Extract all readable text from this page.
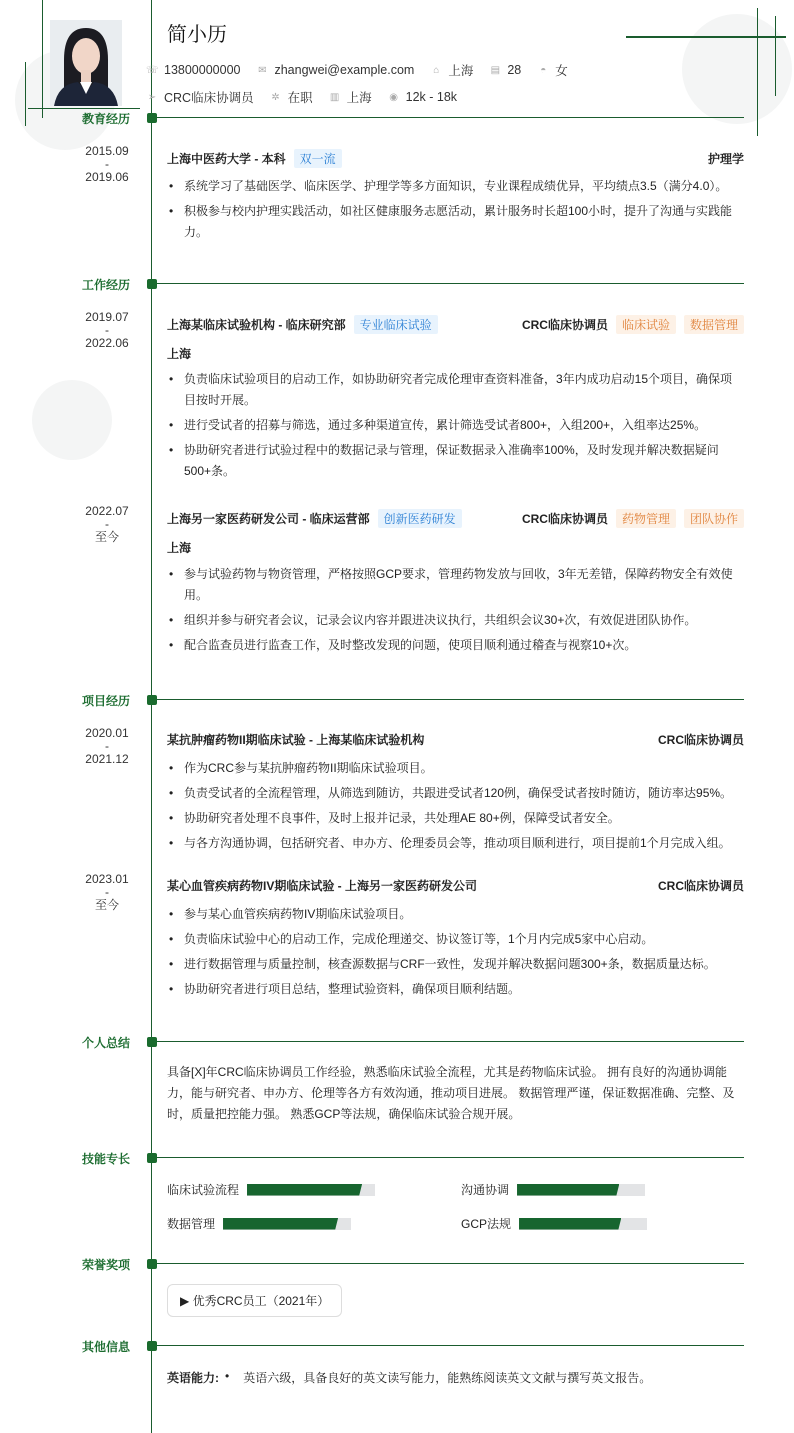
简小历
☏ 13800000000 ✉ zhangwei@example.com ⌂ 上海 ▤ 28 ◓ 女
➢ CRC临床协调员 ✲ 在职 ▥ 上海 ◉ 12k - 18k
教育经历
2015.09
-
2019.06
上海中医药大学 - 本科	双一流	护理学
• 系统学习了基础医学、临床医学、护理学等多方面知识，专业课程成绩优异，平均绩点3.5（满分4.0）。
• 积极参与校内护理实践活动，如社区健康服务志愿活动，累计服务时长超100小时，提升了沟通与实践能力。
工作经历
2019.07
-
2022.06
上海某临床试验机构 - 临床研究部	专业临床试验	CRC临床协调员	临床试验	数据管理
上海
• 负责临床试验项目的启动工作，如协助研究者完成伦理审查资料准备，3年内成功启动15个项目，确保项目按时开展。
• 进行受试者的招募与筛选，通过多种渠道宣传，累计筛选受试者800+，入组200+，入组率达25%。
• 协助研究者进行试验过程中的数据记录与管理，保证数据录入准确率100%，及时发现并解决数据疑问500+条。
2022.07
-
至今
上海另一家医药研发公司 - 临床运营部	创新医药研发	CRC临床协调员	药物管理	团队协作
上海
• 参与试验药物与物资管理，严格按照GCP要求，管理药物发放与回收，3年无差错，保障药物安全有效使用。
• 组织并参与研究者会议，记录会议内容并跟进决议执行，共组织会议30+次，有效促进团队协作。
• 配合监查员进行监查工作，及时整改发现的问题，使项目顺利通过稽查与视察10+次。
项目经历
2020.01
-
2021.12
某抗肿瘤药物II期临床试验 - 上海某临床试验机构	CRC临床协调员
• 作为CRC参与某抗肿瘤药物II期临床试验项目。
• 负责受试者的全流程管理，从筛选到随访，共跟进受试者120例，确保受试者按时随访，随访率达95%。
• 协助研究者处理不良事件，及时上报并记录，共处理AE 80+例，保障受试者安全。
• 与各方沟通协调，包括研究者、申办方、伦理委员会等，推动项目顺利进行，项目提前1个月完成入组。
2023.01
-
至今
某心血管疾病药物IV期临床试验 - 上海另一家医药研发公司	CRC临床协调员
• 参与某心血管疾病药物IV期临床试验项目。
• 负责临床试验中心的启动工作，完成伦理递交、协议签订等，1个月内完成5家中心启动。
• 进行数据管理与质量控制，核查源数据与CRF一致性，发现并解决数据问题300+条，数据质量达标。
• 协助研究者进行项目总结，整理试验资料，确保项目顺利结题。
个人总结
具备[X]年CRC临床协调员工作经验，熟悉临床试验全流程，尤其是药物临床试验。 拥有良好的沟通协调能力，能与研究者、申办方、伦理等各方有效沟通，推动项目进展。 数据管理严谨，保证数据准确、完整、及时，质量把控能力强。 熟悉GCP等法规，确保临床试验合规开展。
技能专长
临床试验流程	沟通协调
数据管理	GCP法规
荣誉奖项
▶ 优秀CRC员工（2021年）
其他信息
英语能力: • 英语六级，具备良好的英文读写能力，能熟练阅读英文文献与撰写英文报告。
